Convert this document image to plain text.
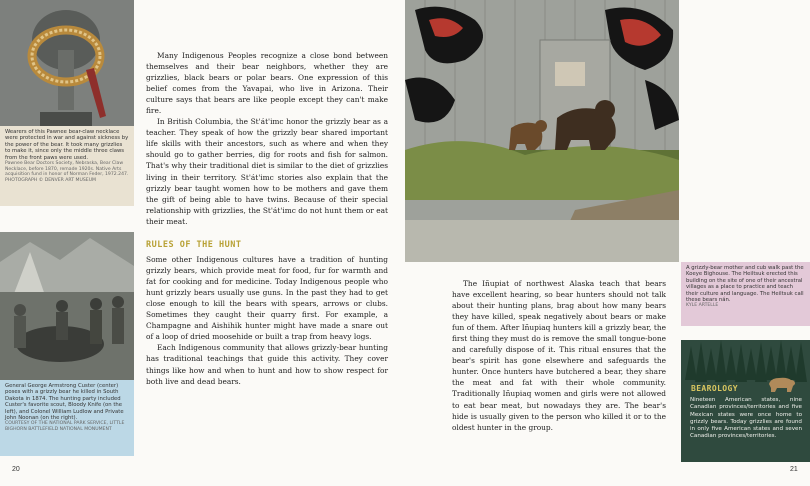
Wearers of this Pawnee bear-claw necklace were protected in war and against sickness by the power of the bear. It took many grizzlies to make it, since only the middle three claws from the front paws were used.
Pawnee Bear Doctors Society, Nebraska, Bear Claw Necklace, before 1870, remade 1920s. Native Arts acquisition fund in honor of Norman Feder, 1972.247.
PHOTOGRAPH © DENVER ART MUSEUM
General George Armstrong Custer (center) poses with a grizzly bear he killed in South Dakota in 1874. The hunting party included Custer's favorite scout, Bloody Knife (on the left), and Colonel William Ludlow and Private John Noonan (on the right).
COURTESY OF THE NATIONAL PARK SERVICE, LITTLE BIGHORN BATTLEFIELD NATIONAL MONUMENT
20

Many Indigenous Peoples recognize a close bond between themselves and their bear neighbors, whether they are grizzlies, black bears or polar bears. One expression of this belief comes from the Yavapai, who live in Arizona. Their culture says that bears are like people except they can't make fire.

In British Columbia, the St'át'imc honor the grizzly bear as a teacher. They speak of how the grizzly bear shared important life skills with their ancestors, such as where and when they should go to gather berries, dig for roots and fish for salmon. That's why their traditional diet is similar to the diet of grizzlies living in their territory. St'át'imc stories also explain that the grizzly bear taught women how to be mothers and gave them the gift of being able to have twins. Because of their special relationship with grizzlies, the St'át'imc do not hunt them or eat their meat.

RULES OF THE HUNT

Some other Indigenous cultures have a tradition of hunting grizzly bears, which provide meat for food, fur for warmth and fat for cooking and for medicine. Today Indigenous people who hunt grizzly bears usually use guns. In the past they had to get close enough to kill the bears with spears, arrows or clubs. Sometimes they caught their quarry first. For example, a Champagne and Aishihik hunter might have made a snare out of a loop of dried moosehide or built a trap from heavy logs.

Each Indigenous community that allows grizzly-bear hunting has traditional teachings that guide this activity. They cover things like how and when to hunt and how to show respect for both live and dead bears.

A grizzly-bear mother and cub walk past the Koeye Bighouse. The Heiltsuk erected this building on the site of one of their ancestral villages as a place to practice and teach their culture and language. The Heiltsuk call these bears nán.
KYLE ARTELLE

The Iñupiat of northwest Alaska teach that bears have excellent hearing, so bear hunters should not talk about their hunting plans, brag about how many bears they have killed, speak negatively about bears or make fun of them. After Iñupiaq hunters kill a grizzly bear, the first thing they must do is remove the small tongue-bone and carefully dispose of it. This ritual ensures that the bear's spirit has gone elsewhere and safeguards the hunter. Once hunters have butchered a bear, they share the meat and fat with their whole community. Traditionally Iñupiaq women and girls were not allowed to eat bear meat, but nowadays they are. The bear's hide is usually given to the person who killed it or to the oldest hunter in the group.

BEAROLOGY
Nineteen American states, nine Canadian provinces/territories and five Mexican states were once home to grizzly bears. Today grizzlies are found in only five American states and seven Canadian provinces/territories.
21
